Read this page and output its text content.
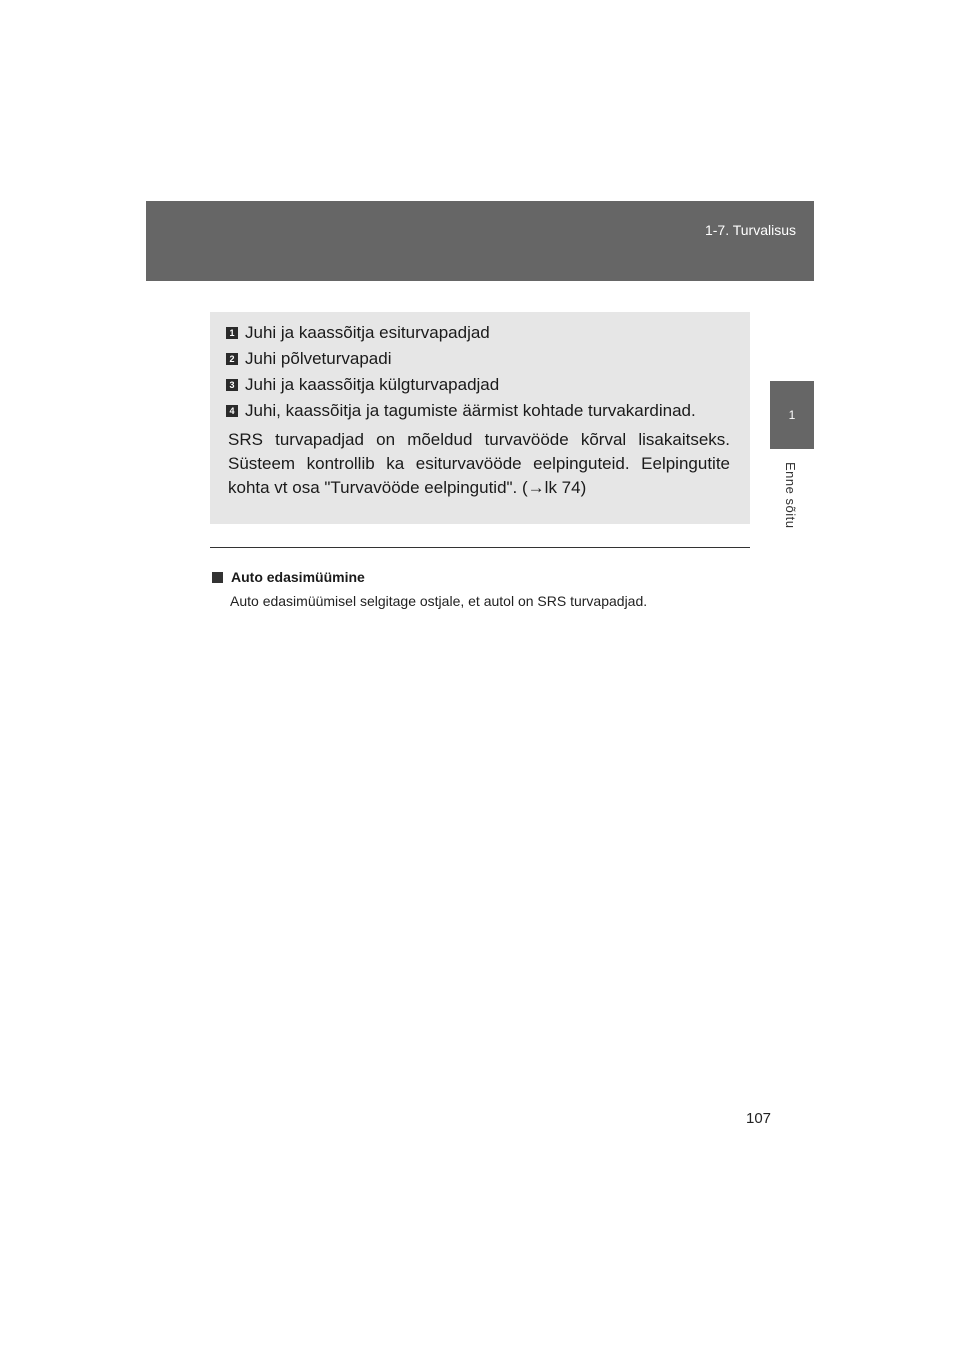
1-7. Turvalisus
1
Enne sõitu
1 Juhi ja kaassõitja esiturvapadjad
2 Juhi põlveturvapadi
3 Juhi ja kaassõitja külgturvapadjad
4 Juhi, kaassõitja ja tagumiste äärmist kohtade turvakardinad.
SRS turvapadjad on mõeldud turvavööde kõrval lisakaitseks. Süsteem kontrollib ka esiturvavööde eelpinguteid. Eelpingutite kohta vt osa "Turvavööde eelpingutid". (→lk 74)
Auto edasimüümine
Auto edasimüümisel selgitage ostjale, et autol on SRS turvapadjad.
107
